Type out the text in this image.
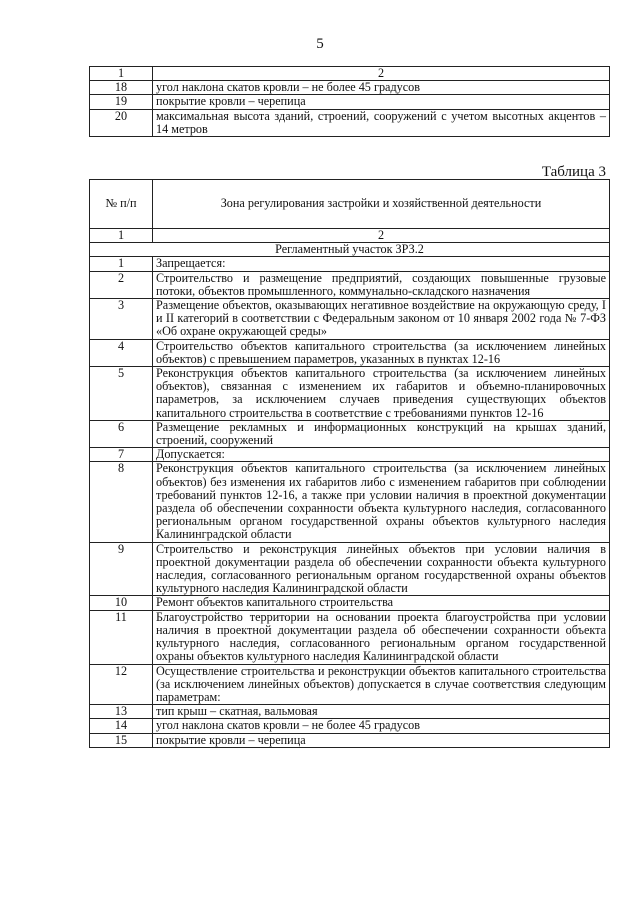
5
1	2
18	угол наклона скатов кровли – не более 45 градусов
19	покрытие кровли – черепица
20	максимальная высота зданий, строений, сооружений с учетом высотных акцентов – 14 метров
Таблица 3
№ п/п	Зона регулирования застройки и хозяйственной деятельности
1	2
Регламентный участок ЗРЗ.2	
1	Запрещается:
2	Строительство и размещение предприятий, создающих повышенные грузовые потоки, объектов промышленного, коммунально-складского назначения
3	Размещение объектов, оказывающих негативное воздействие на окружающую среду, I и II категорий в соответствии с Федеральным законом от 10 января 2002 года № 7-ФЗ «Об охране окружающей среды»
4	Строительство объектов капитального строительства (за исключением линейных объектов) с превышением параметров, указанных в пунктах 12-16
5	Реконструкция объектов капитального строительства (за исключением линейных объектов), связанная с изменением их габаритов и объемно-планировочных параметров, за исключением случаев приведения существующих объектов капитального строительства в соответствие с требованиями пунктов 12-16
6	Размещение рекламных и информационных конструкций на крышах зданий, строений, сооружений
7	Допускается:
8	Реконструкция объектов капитального строительства (за исключением линейных объектов) без изменения их габаритов либо с изменением габаритов при соблюдении требований пунктов 12-16, а также при условии наличия в проектной документации раздела об обеспечении сохранности объекта культурного наследия, согласованного региональным органом государственной охраны объектов культурного наследия Калининградской области
9	Строительство и реконструкция линейных объектов при условии наличия в проектной документации раздела об обеспечении сохранности объекта культурного наследия, согласованного региональным органом государственной охраны объектов культурного наследия Калининградской области
10	Ремонт объектов капитального строительства
11	Благоустройство территории на основании проекта благоустройства при условии наличия в проектной документации раздела об обеспечении сохранности объекта культурного наследия, согласованного региональным органом государственной охраны объектов культурного наследия Калининградской области
12	Осуществление строительства и реконструкции объектов капитального строительства (за исключением линейных объектов) допускается в случае соответствия следующим параметрам:
13	тип крыш – скатная, вальмовая
14	угол наклона скатов кровли – не более 45 градусов
15	покрытие кровли – черепица
